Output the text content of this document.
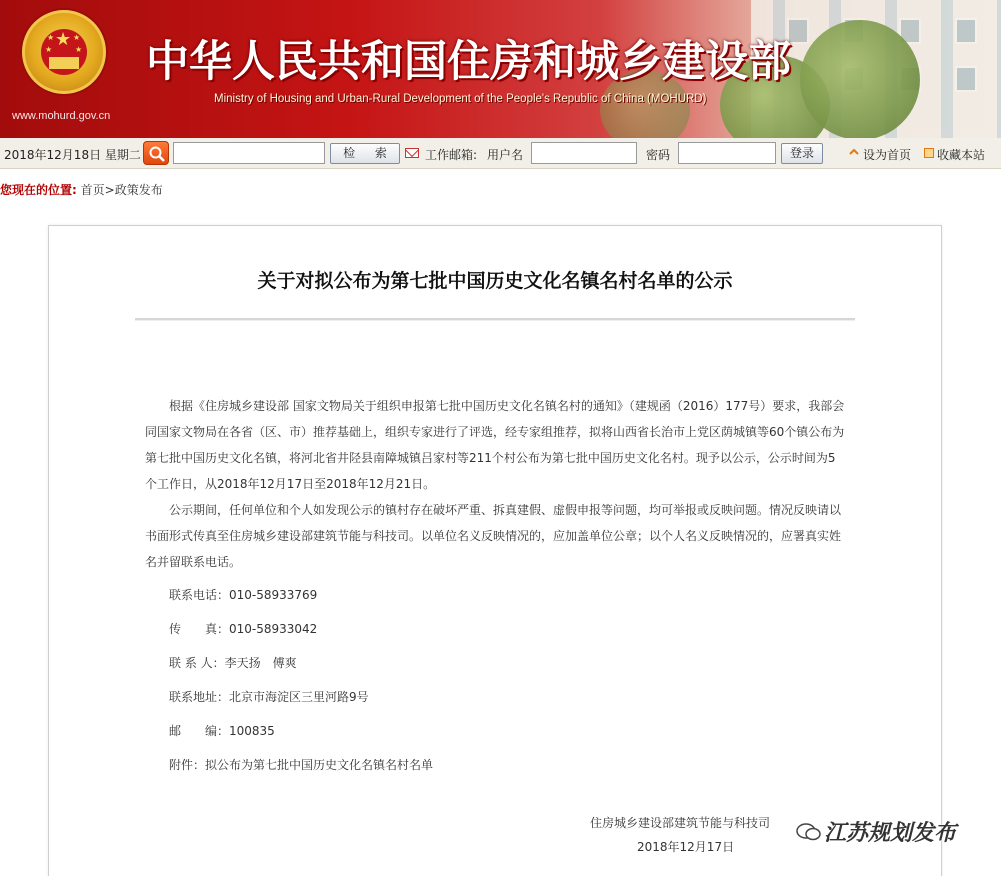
★
★ ★
★	★
www.mohurd.gov.cn
中华人民共和国住房和城乡建设部
Ministry of Housing and Urban-Rural Development of the People's Republic of China (MOHURD)
2018年12月18日 星期二	检 索	工作邮箱: 用户名	密码	登录	设为首页 收藏本站
您现在的位置: 首页>政策发布
关于对拟公布为第七批中国历史文化名镇名村名单的公示
根据《住房城乡建设部 国家文物局关于组织申报第七批中国历史文化名镇名村的通知》（建规函（2016）177号）要求，我部会同国家文物局在各省（区、市）推荐基础上，组织专家进行了评选，经专家组推荐，拟将山西省长治市上党区荫城镇等60个镇公布为第七批中国历史文化名镇，将河北省井陉县南障城镇吕家村等211个村公布为第七批中国历史文化名村。现予以公示，公示时间为5个工作日，从2018年12月17日至2018年12月21日。
公示期间，任何单位和个人如发现公示的镇村存在破坏严重、拆真建假、虚假申报等问题，均可举报或反映问题。情况反映请以书面形式传真至住房城乡建设部建筑节能与科技司。以单位名义反映情况的，应加盖单位公章；以个人名义反映情况的，应署真实姓名并留联系电话。
联系电话：010-58933769
传　　真：010-58933042
联 系 人：李天扬　傅爽
联系地址：北京市海淀区三里河路9号
邮　　编：100835
附件：拟公布为第七批中国历史文化名镇名村名单
住房城乡建设部建筑节能与科技司
2018年12月17日
江苏规划发布
